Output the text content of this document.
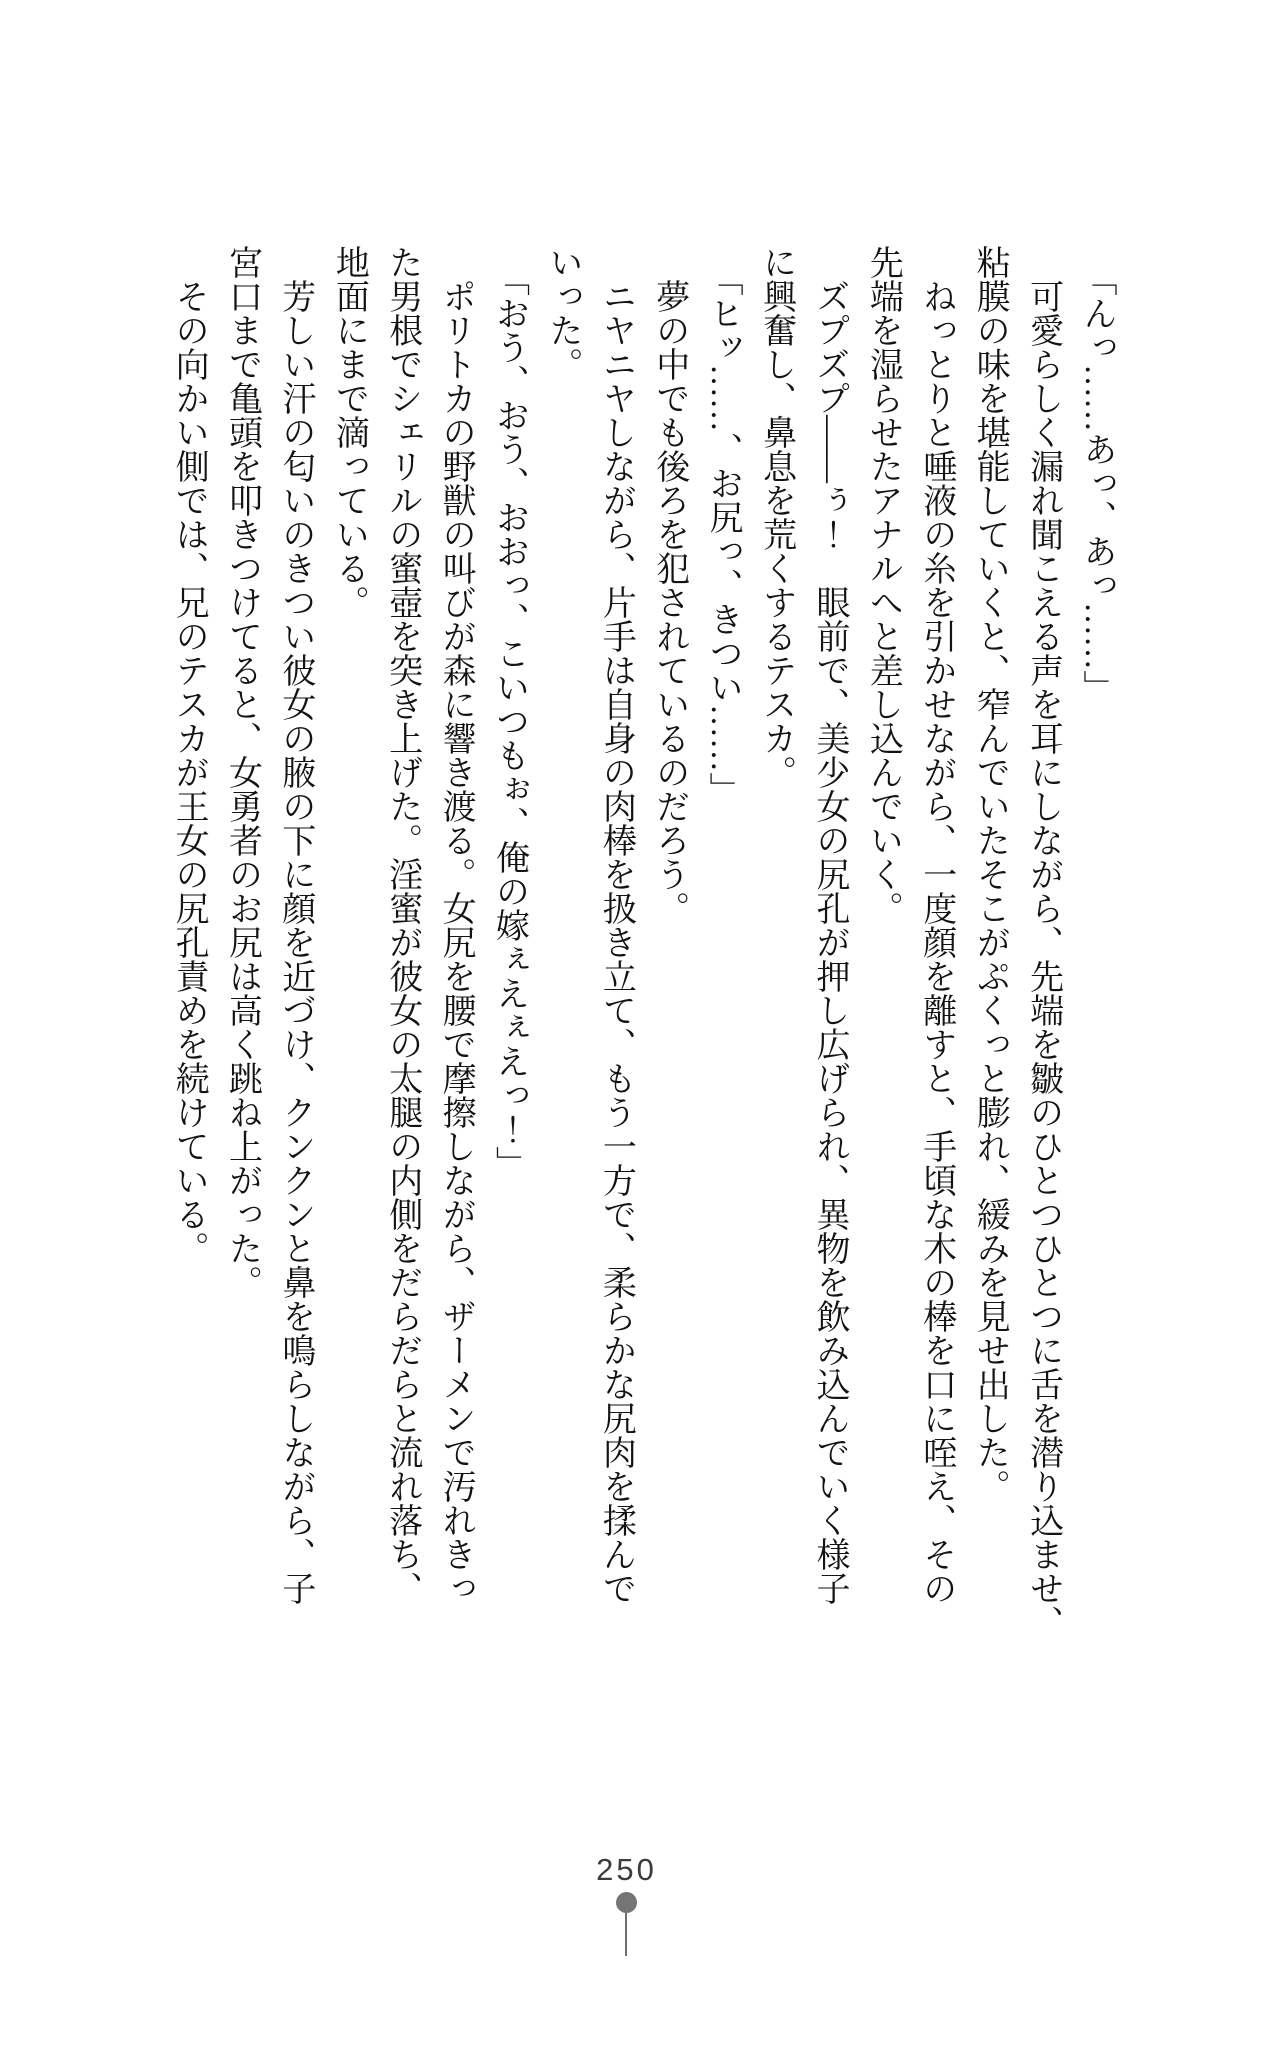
　「んっ……あっ、あっ……」
　可愛らしく漏れ聞こえる声を耳にしながら、先端を皺のひとつひとつに舌を潜り込ませ、
粘膜の味を堪能していくと、窄んでいたそこがぷくっと膨れ、緩みを見せ出した。
　ねっとりと唾液の糸を引かせながら、一度顔を離すと、手頃な木の棒を口に咥え、その
先端を湿らせたアナルへと差し込んでいく。
　ズプズプ――ぅ！　眼前で、美少女の尻孔が押し広げられ、異物を飲み込んでいく様子
に興奮し、鼻息を荒くするテスカ。
　「ヒッ……、お尻っ、きつい……」
　夢の中でも後ろを犯されているのだろう。
　ニヤニヤしながら、片手は自身の肉棒を扱き立て、もう一方で、柔らかな尻肉を揉んで
いった。
　「おう、おう、おおっ、こいつもぉ、俺の嫁ぇえぇえっ！」
　ポリトカの野獣の叫びが森に響き渡る。女尻を腰で摩擦しながら、ザーメンで汚れきっ
た男根でシェリルの蜜壺を突き上げた。淫蜜が彼女の太腿の内側をだらだらと流れ落ち、
地面にまで滴っている。
　芳しい汗の匂いのきつい彼女の腋の下に顔を近づけ、クンクンと鼻を鳴らしながら、子
宮口まで亀頭を叩きつけてると、女勇者のお尻は高く跳ね上がった。
　その向かい側では、兄のテスカが王女の尻孔責めを続けている。
250
